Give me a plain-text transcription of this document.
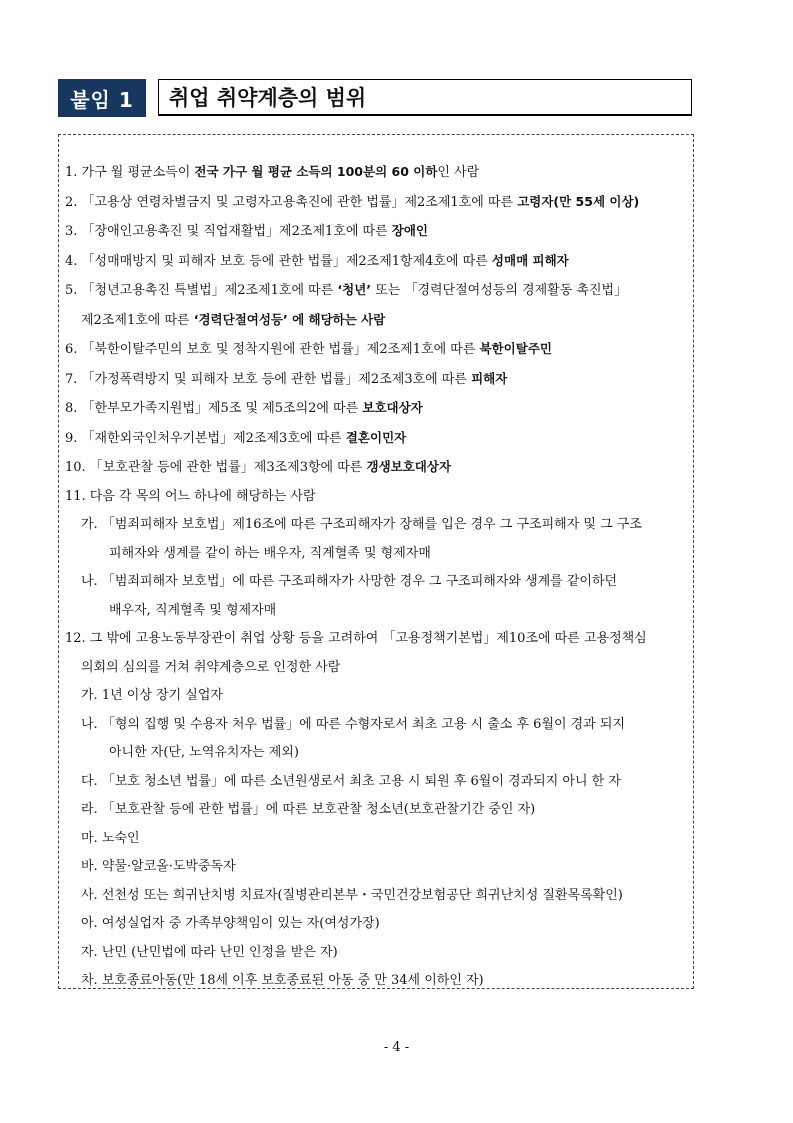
붙임 1	취업 취약계층의 범위
1. 가구 월 평균소득이 전국 가구 월 평균 소득의 100분의 60 이하인 사람
2. 「고용상 연령차별금지 및 고령자고용촉진에 관한 법률」제2조제1호에 따른 고령자(만 55세 이상)
3. 「장애인고용촉진 및 직업재활법」제2조제1호에 따른 장애인
4. 「성매매방지 및 피해자 보호 등에 관한 법률」제2조제1항제4호에 따른 성매매 피해자
5. 「청년고용촉진 특별법」제2조제1호에 따른 ‘청년’ 또는 「경력단절여성등의 경제활동 촉진법」
제2조제1호에 따른 ‘경력단절여성등’ 에 해당하는 사람
6. 「북한이탈주민의 보호 및 정착지원에 관한 법률」제2조제1호에 따른 북한이탈주민
7. 「가정폭력방지 및 피해자 보호 등에 관한 법률」제2조제3호에 따른 피해자
8. 「한부모가족지원법」제5조 및 제5조의2에 따른 보호대상자
9. 「재한외국인처우기본법」제2조제3호에 따른 결혼이민자
10. 「보호관찰 등에 관한 법률」제3조제3항에 따른 갱생보호대상자
11. 다음 각 목의 어느 하나에 해당하는 사람
가. 「범죄피해자 보호법」제16조에 따른 구조피해자가 장해를 입은 경우 그 구조피해자 및 그 구조
피해자와 생계를 같이 하는 배우자, 직계혈족 및 형제자매
나. 「범죄피해자 보호법」에 따른 구조피해자가 사망한 경우 그 구조피해자와 생계를 같이하던
배우자, 직계혈족 및 형제자매
12. 그 밖에 고용노동부장관이 취업 상황 등을 고려하여 「고용정책기본법」제10조에 따른 고용정책심
의회의 심의를 거쳐 취약계층으로 인정한 사람
가. 1년 이상 장기 실업자
나. 「형의 집행 및 수용자 처우 법률」에 따른 수형자로서 최초 고용 시 출소 후 6월이 경과 되지
아니한 자(단, 노역유치자는 제외)
다. 「보호 청소년 법률」에 따른 소년원생로서 최초 고용 시 퇴원 후 6월이 경과되지 아니 한 자
라. 「보호관찰 등에 관한 법률」에 따른 보호관찰 청소년(보호관찰기간 중인 자)
마. 노숙인
바. 약물·알코올·도박중독자
사. 선천성 또는 희귀난치병 치료자(질병관리본부・국민건강보험공단 희귀난치성 질환목록확인)
아. 여성실업자 중 가족부양책임이 있는 자(여성가장)
자. 난민 (난민법에 따라 난민 인정을 받은 자)
차. 보호종료아동(만 18세 이후 보호종료된 아동 중 만 34세 이하인 자)
- 4 -
